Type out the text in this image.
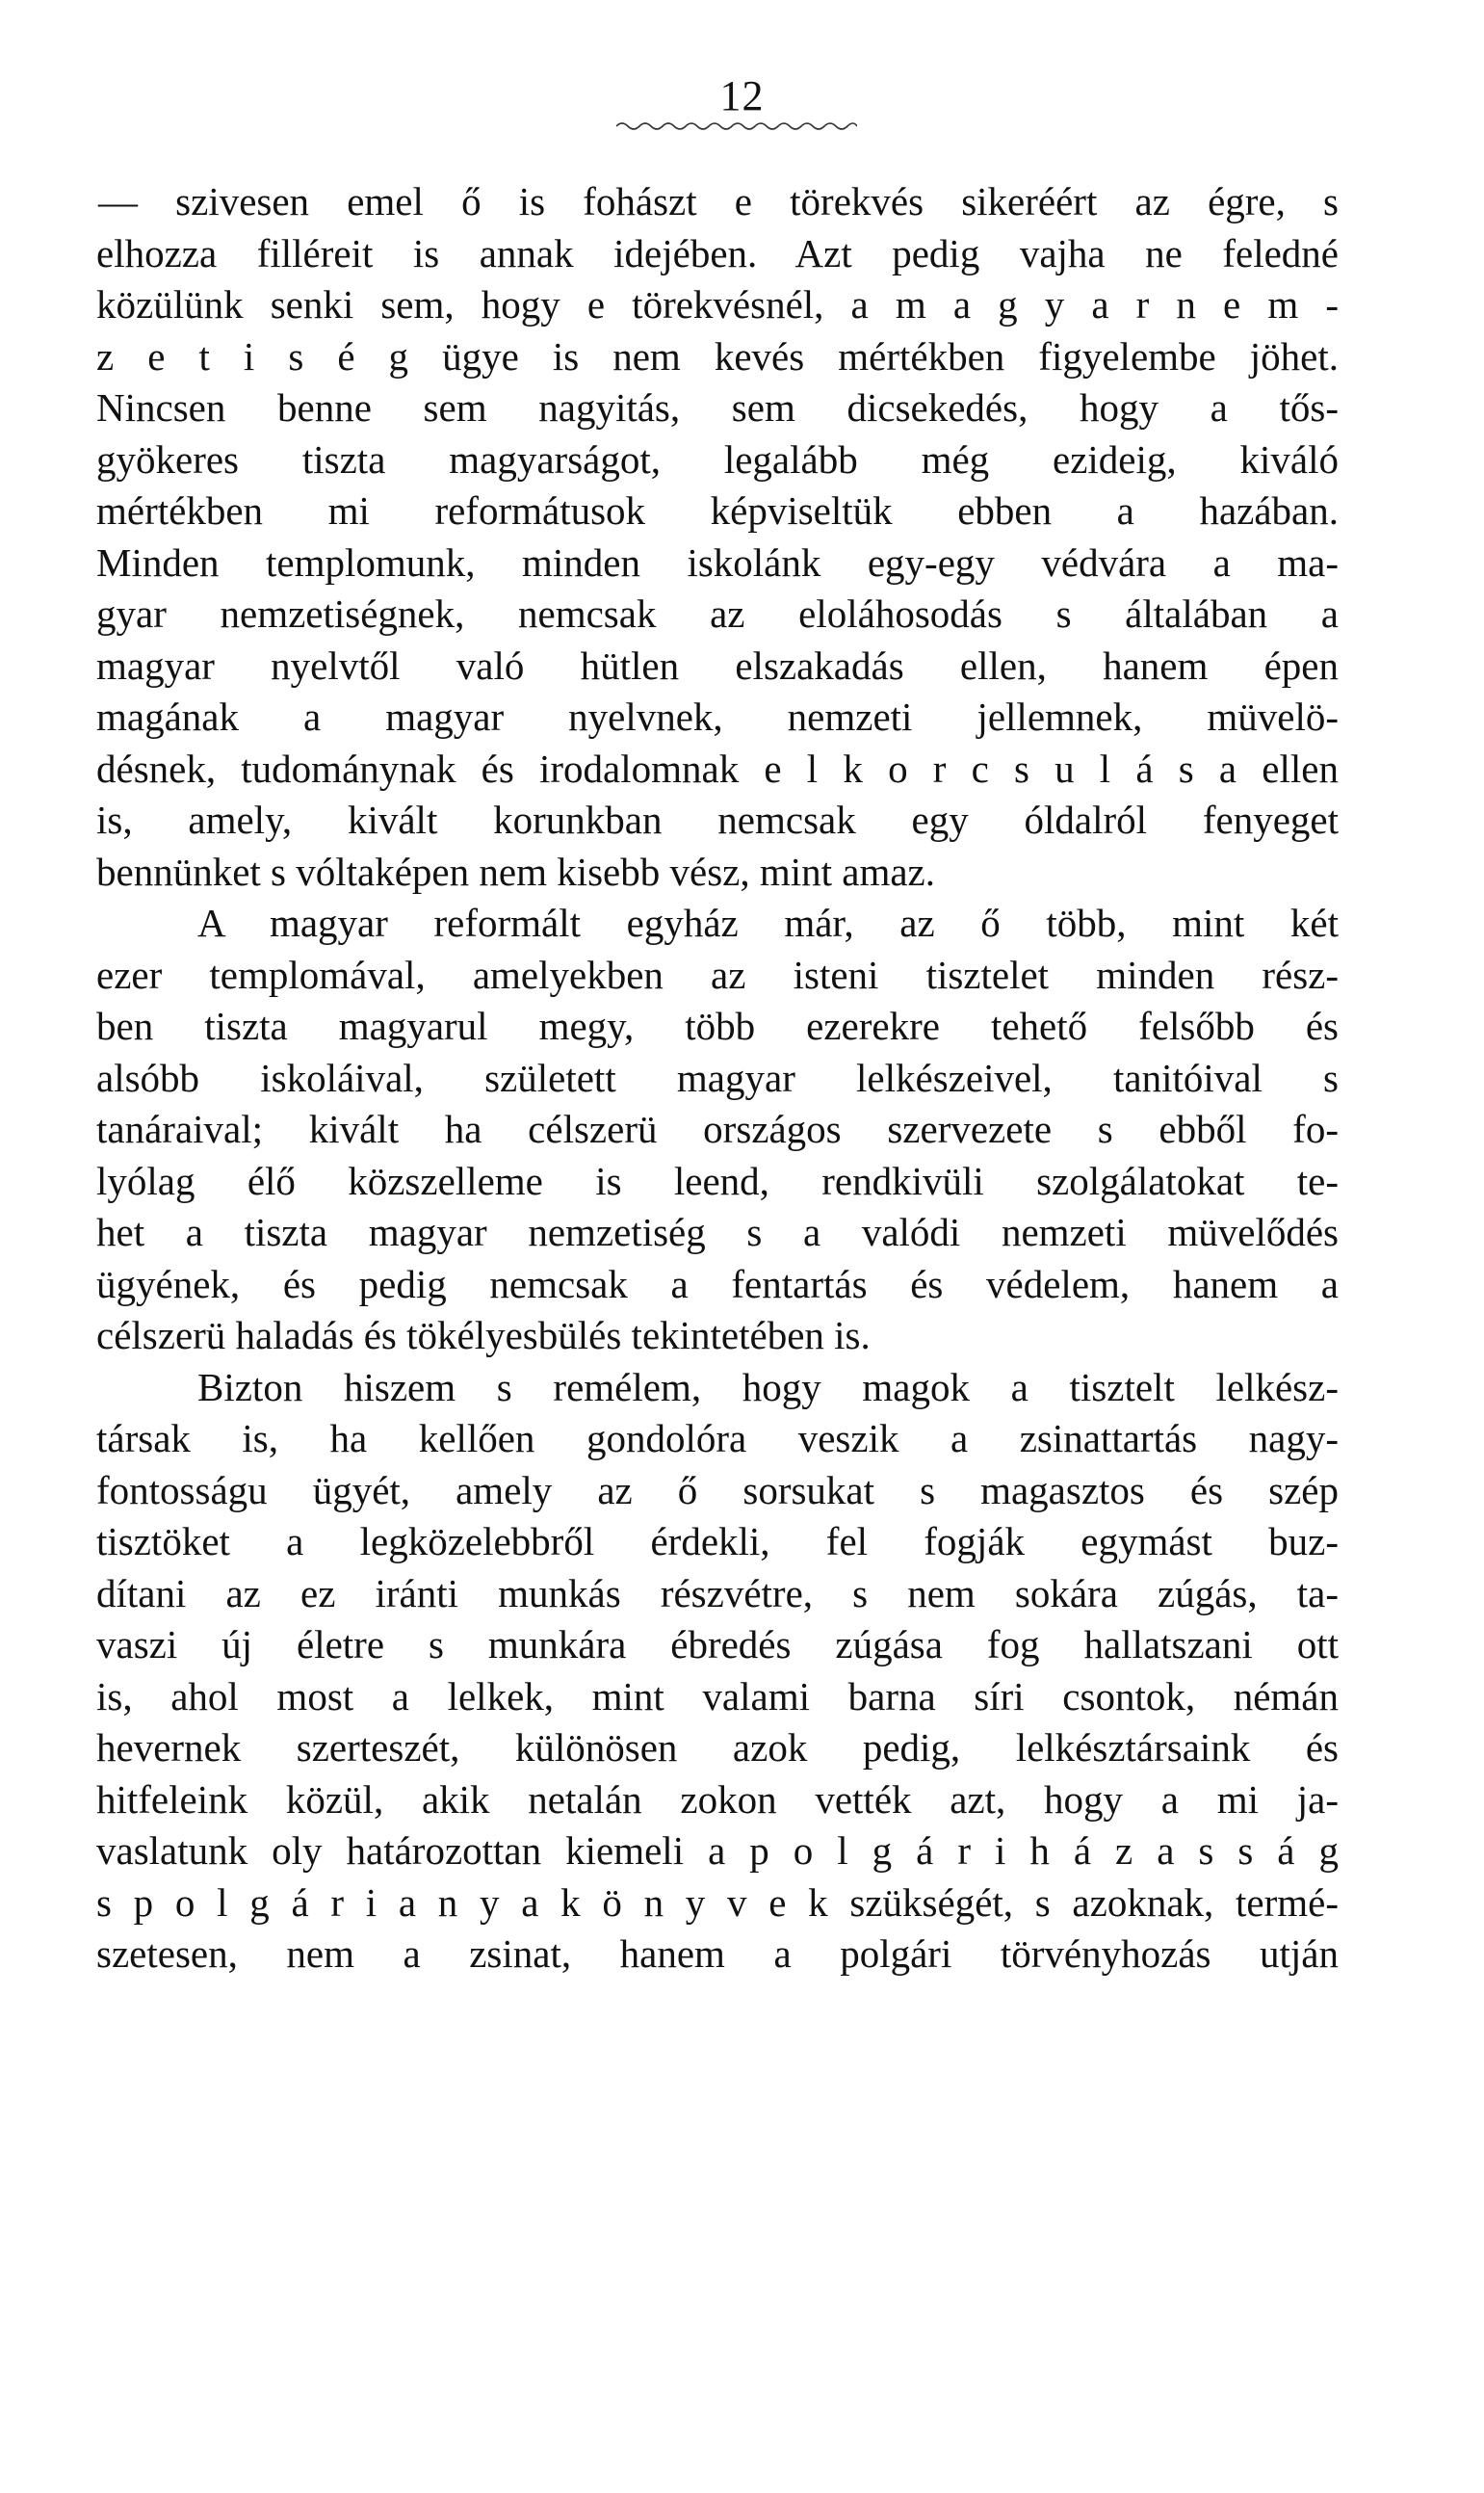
12
— szivesen emel ő is fohászt e törekvés sikeréért az égre, s
elhozza filléreit is annak idejében. Azt pedig vajha ne feledné
közülünk senki sem, hogy e törekvésnél, a m a g y a r n e m -
z e t i s é g ügye is nem kevés mértékben figyelembe jöhet.
Nincsen benne sem nagyitás, sem dicsekedés, hogy a tős-
gyökeres tiszta magyarságot, legalább még ezideig, kiváló
mértékben mi reformátusok képviseltük ebben a hazában.
Minden templomunk, minden iskolánk egy-egy védvára a ma-
gyar nemzetiségnek, nemcsak az eloláhosodás s általában a
magyar nyelvtől való hütlen elszakadás ellen, hanem épen
magának a magyar nyelvnek, nemzeti jellemnek, müvelö-
désnek, tudománynak és irodalomnak e l k o r c s u l á s a ellen
is, amely, kivált korunkban nemcsak egy óldalról fenyeget
bennünket s vóltaképen nem kisebb vész, mint amaz.
A magyar reformált egyház már, az ő több, mint két
ezer templomával, amelyekben az isteni tisztelet minden rész-
ben tiszta magyarul megy, több ezerekre tehető felsőbb és
alsóbb iskoláival, született magyar lelkészeivel, tanitóival s
tanáraival; kivált ha célszerü országos szervezete s ebből fo-
lyólag élő közszelleme is leend, rendkivüli szolgálatokat te-
het a tiszta magyar nemzetiség s a valódi nemzeti müvelődés
ügyének, és pedig nemcsak a fentartás és védelem, hanem a
célszerü haladás és tökélyesbülés tekintetében is.
Bizton hiszem s remélem, hogy magok a tisztelt lelkész-
társak is, ha kellően gondolóra veszik a zsinattartás nagy-
fontosságu ügyét, amely az ő sorsukat s magasztos és szép
tisztöket a legközelebbről érdekli, fel fogják egymást buz-
dítani az ez iránti munkás részvétre, s nem sokára zúgás, ta-
vaszi új életre s munkára ébredés zúgása fog hallatszani ott
is, ahol most a lelkek, mint valami barna síri csontok, némán
hevernek szerteszét, különösen azok pedig, lelkésztársaink és
hitfeleink közül, akik netalán zokon vették azt, hogy a mi ja-
vaslatunk oly határozottan kiemeli a p o l g á r i h á z a s s á g
s p o l g á r i a n y a k ö n y v e k szükségét, s azoknak, termé-
szetesen, nem a zsinat, hanem a polgári törvényhozás utján
